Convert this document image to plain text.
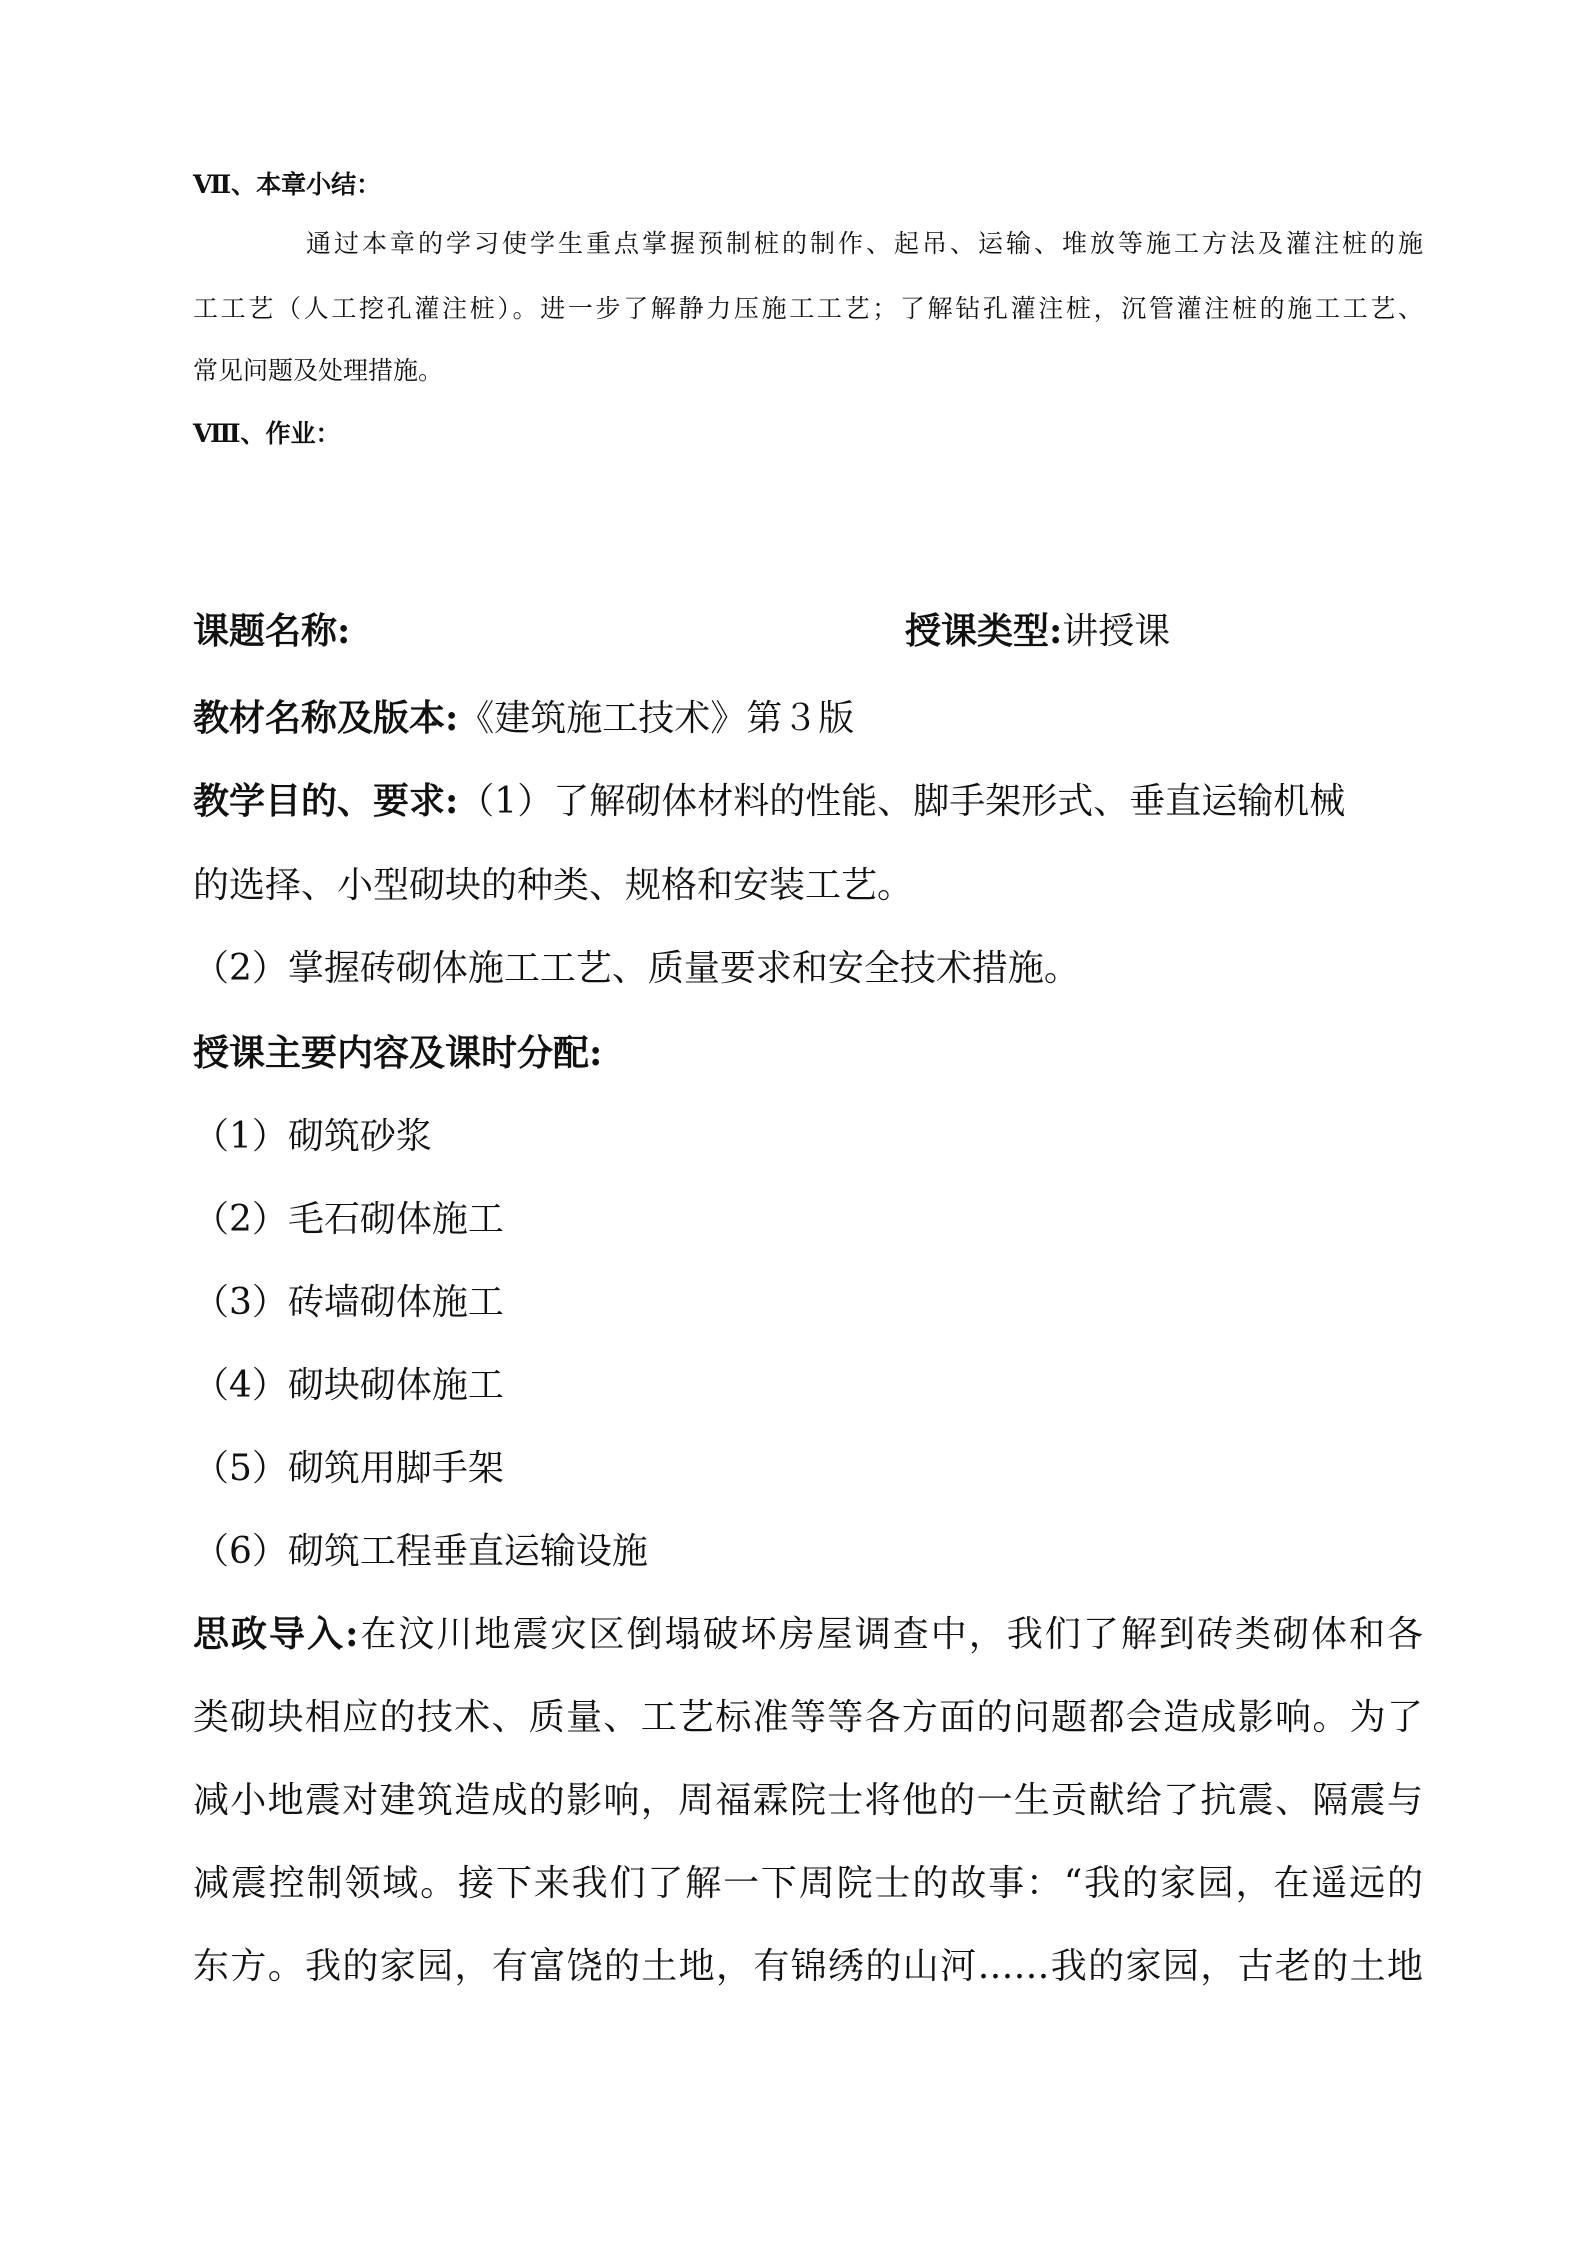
Ⅶ、本章小结：
通过本章的学习使学生重点掌握预制桩的制作、起吊、运输、堆放等施工方法及灌注桩的施
工工艺（人工挖孔灌注桩）。进一步了解静力压施工工艺；了解钻孔灌注桩，沉管灌注桩的施工工艺、
常见问题及处理措施。
Ⅷ、作业：
课题名称:	授课类型:讲授课
教材名称及版本:《建筑施工技术》第３版
教学目的、要求:（1）了解砌体材料的性能、脚手架形式、垂直运输机械
的选择、小型砌块的种类、规格和安装工艺。
（2）掌握砖砌体施工工艺、质量要求和安全技术措施。
授课主要内容及课时分配:
（1）砌筑砂浆
（2）毛石砌体施工
（3）砖墙砌体施工
（4）砌块砌体施工
（5）砌筑用脚手架
（6）砌筑工程垂直运输设施
思政导入:在汶川地震灾区倒塌破坏房屋调查中，我们了解到砖类砌体和各
类砌块相应的技术、质量、工艺标准等等各方面的问题都会造成影响。为了
减小地震对建筑造成的影响，周福霖院士将他的一生贡献给了抗震、隔震与
减震控制领域。接下来我们了解一下周院士的故事：“我的家园，在遥远的
东方。我的家园，有富饶的土地，有锦绣的山河……我的家园，古老的土地
